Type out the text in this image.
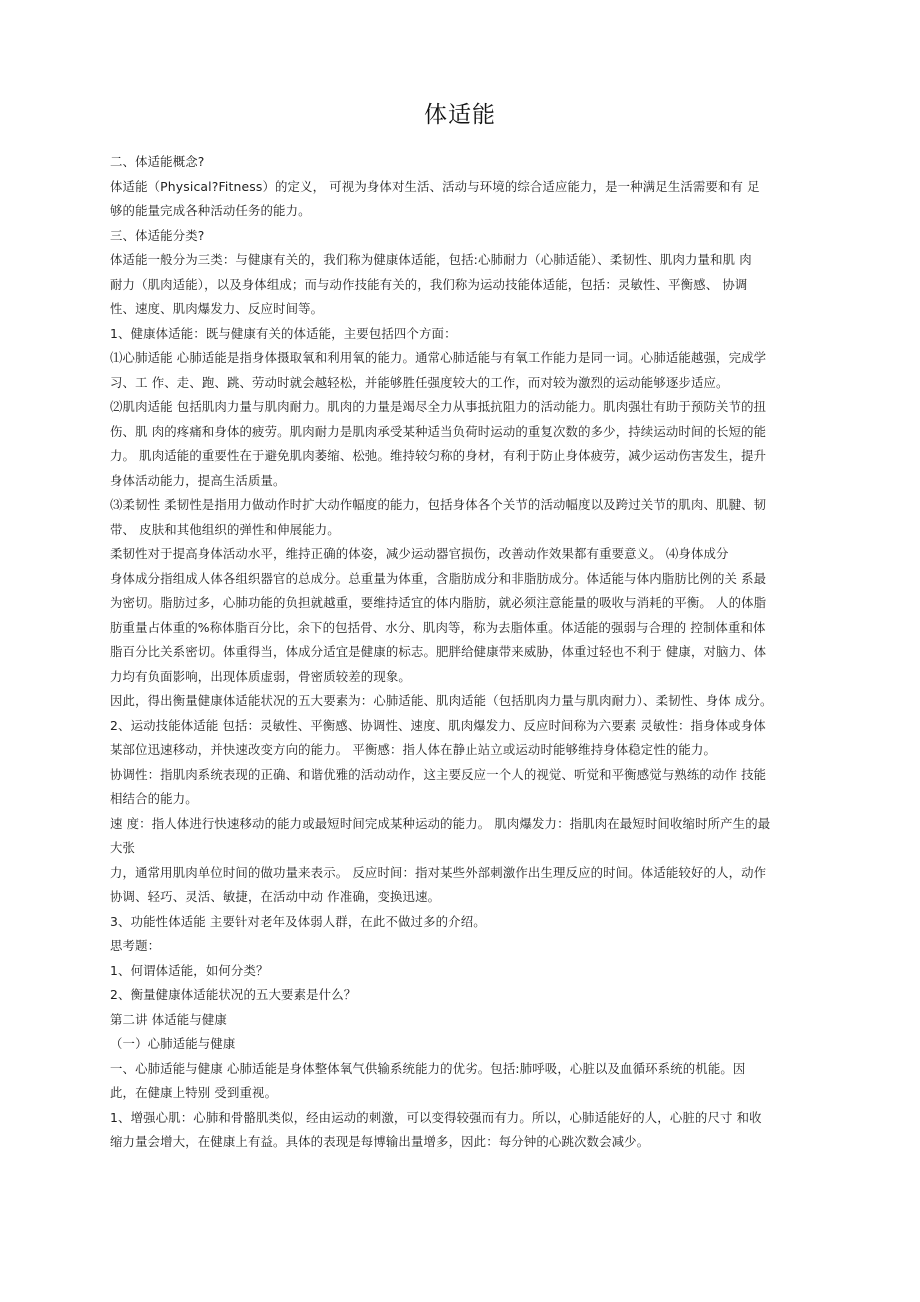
体适能
二、体适能概念?
体适能（Physical?Fitness）的定义， 可视为身体对生活、活动与环境的综合适应能力，是一种满足生活需要和有 足
够的能量完成各种活动任务的能力。
三、体适能分类?
体适能一般分为三类：与健康有关的，我们称为健康体适能，包括:心肺耐力（心肺适能）、柔韧性、肌肉力量和肌 肉
耐力（肌肉适能），以及身体组成；而与动作技能有关的，我们称为运动技能体适能，包括：灵敏性、平衡感、 协调
性、速度、肌肉爆发力、反应时间等。
1、健康体适能：既与健康有关的体适能，主要包括四个方面：
⑴心肺适能 心肺适能是指身体摄取氧和利用氧的能力。通常心肺适能与有氧工作能力是同一词。心肺适能越强，完成学
习、工 作、走、跑、跳、劳动时就会越轻松，并能够胜任强度较大的工作，而对较为激烈的运动能够逐步适应。
⑵肌肉适能 包括肌肉力量与肌肉耐力。肌肉的力量是竭尽全力从事抵抗阻力的活动能力。肌肉强壮有助于预防关节的扭
伤、肌 肉的疼痛和身体的疲劳。肌肉耐力是肌肉承受某种适当负荷时运动的重复次数的多少，持续运动时间的长短的能
力。 肌肉适能的重要性在于避免肌肉萎缩、松弛。维持较匀称的身材，有利于防止身体疲劳，减少运动伤害发生，提升
身体活动能力，提高生活质量。
⑶柔韧性 柔韧性是指用力做动作时扩大动作幅度的能力，包括身体各个关节的活动幅度以及跨过关节的肌肉、肌腱、韧
带、 皮肤和其他组织的弹性和伸展能力。
柔韧性对于提高身体活动水平，维持正确的体姿，减少运动器官损伤，改善动作效果都有重要意义。 ⑷身体成分
身体成分指组成人体各组织器官的总成分。总重量为体重，含脂肪成分和非脂肪成分。体适能与体内脂肪比例的关 系最
为密切。脂肪过多，心肺功能的负担就越重，要维持适宜的体内脂肪，就必须注意能量的吸收与消耗的平衡。 人的体脂
肪重量占体重的%称体脂百分比，余下的包括骨、水分、肌肉等，称为去脂体重。体适能的强弱与合理的 控制体重和体
脂百分比关系密切。体重得当，体成分适宜是健康的标志。肥胖给健康带来威胁，体重过轻也不利于 健康，对脑力、体
力均有负面影响，出现体质虚弱，骨密质较差的现象。
因此，得出衡量健康体适能状况的五大要素为：心肺适能、肌肉适能（包括肌肉力量与肌肉耐力）、柔韧性、身体 成分。
2、运动技能体适能 包括：灵敏性、平衡感、协调性、速度、肌肉爆发力、反应时间称为六要素 灵敏性：指身体或身体
某部位迅速移动，并快速改变方向的能力。 平衡感：指人体在静止站立或运动时能够维持身体稳定性的能力。
协调性：指肌肉系统表现的正确、和谐优雅的活动动作，这主要反应一个人的视觉、听觉和平衡感觉与熟练的动作 技能
相结合的能力。
速 度：指人体进行快速移动的能力或最短时间完成某种运动的能力。 肌肉爆发力：指肌肉在最短时间收缩时所产生的最
大张
力，通常用肌肉单位时间的做功量来表示。 反应时间：指对某些外部刺激作出生理反应的时间。体适能较好的人，动作
协调、轻巧、灵活、敏捷，在活动中动 作准确，变换迅速。
3、功能性体适能 主要针对老年及体弱人群，在此不做过多的介绍。
思考题：
1、何谓体适能，如何分类？
2、衡量健康体适能状况的五大要素是什么？
第二讲 体适能与健康
（一）心肺适能与健康
一、心肺适能与健康 心肺适能是身体整体氧气供输系统能力的优劣。包括:肺呼吸，心脏以及血循环系统的机能。因
此，在健康上特别 受到重视。
1、增强心肌：心肺和骨骼肌类似，经由运动的刺激，可以变得较强而有力。所以，心肺适能好的人，心脏的尺寸 和收
缩力量会增大，在健康上有益。具体的表现是每博输出量增多，因此：每分钟的心跳次数会减少。
